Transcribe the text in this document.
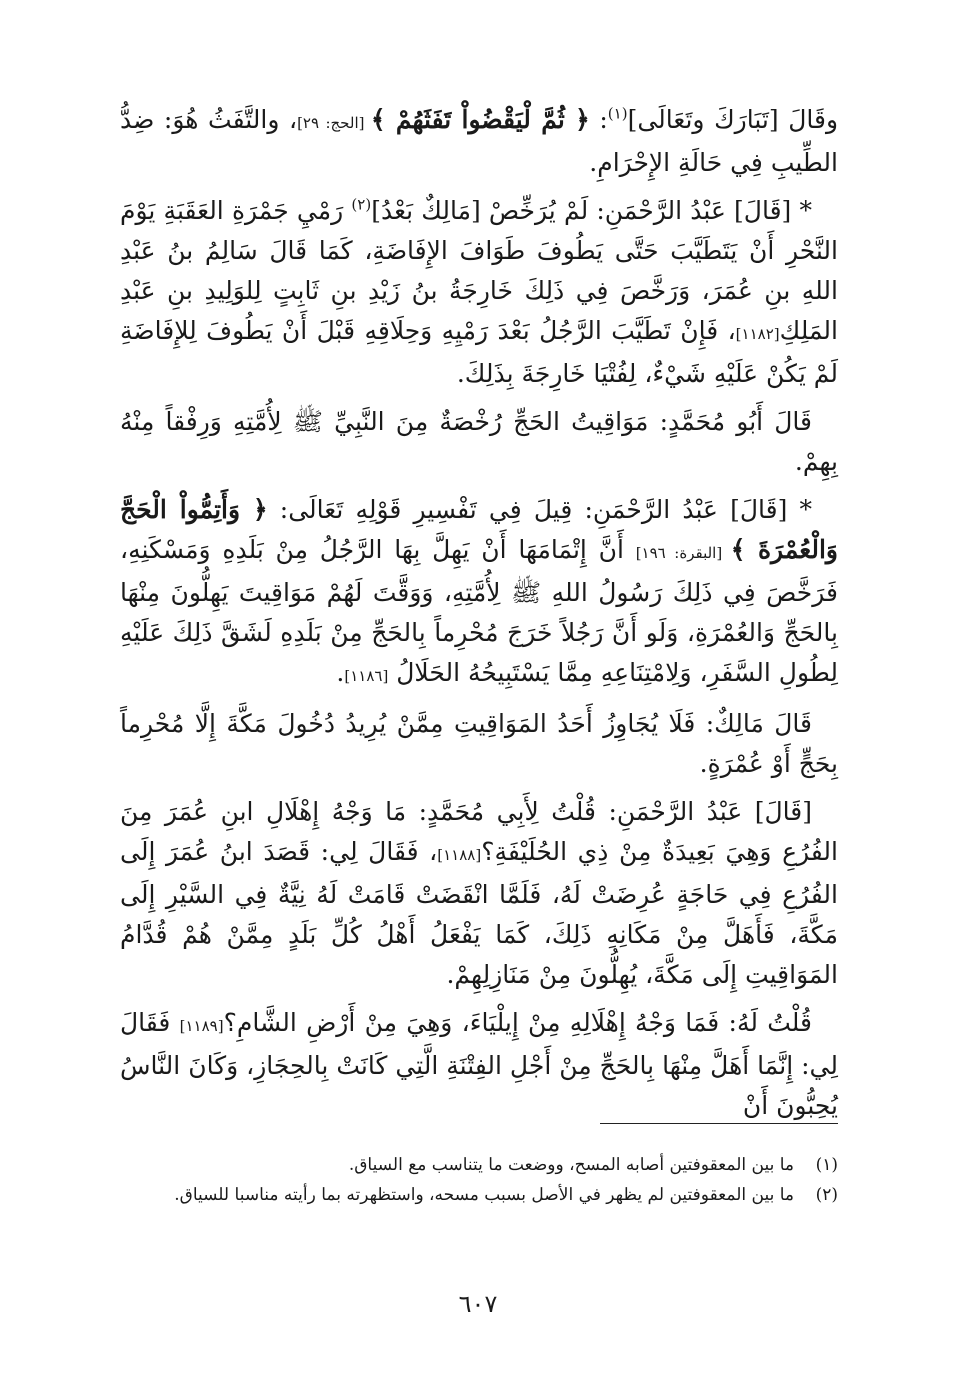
وقَالَ [تَبَارَكَ وتَعَالَى]$^{(١)}$: ﴿ ثُمَّ لْيَقْضُواْ تَفَثَهُمْ ﴾ [الحج: ٢٩]، والتَّفَثُ هُوَ: ضِدُّ الطِّيبِ فِي حَالَةِ الإِحْرَامِ.

* [قَالَ] عَبْدُ الرَّحْمَنِ: لَمْ يُرَخِّصْ [مَالِكٌ بَعْدُ]$^{(٢)}$ رَمْيِ جَمْرَةِ العَقَبَةِ يَوْمَ النَّحْرِ أَنْ يَتَطَيَّبَ حَتَّى يَطُوفَ طَوَافَ الإِفَاضَةِ، كَمَا قَالَ سَالِمُ بنُ عَبْدِ اللهِ بنِ عُمَرَ، وَرَخَّصَ فِي ذَلِكَ خَارِجَةُ بنُ زَيْدِ بنِ ثَابِتٍ لِلوَلِيدِ بنِ عَبْدِ المَلِكِ[١١٨٢]، فَإِنْ تَطَيَّبَ الرَّجُلُ بَعْدَ رَمْيِهِ وَحِلَاقِهِ قَبْلَ أَنْ يَطُوفَ لِلإِفَاضَةِ لَمْ يَكُنْ عَلَيْهِ شَيْءٌ، لِفُتْيَا خَارِجَةَ بِذَلِكَ.

قَالَ أَبُو مُحَمَّدٍ: مَوَاقِيتُ الحَجِّ رُخْصَةٌ مِنَ النَّبِيِّ ﷺ لِأُمَّتِهِ وَرِفْقاً مِنْهُ بِهِمْ.

* [قَالَ] عَبْدُ الرَّحْمَنِ: قِيلَ فِي تَفْسِيرِ قَوْلِهِ تَعَالَى: ﴿ وَأَتِمُّواْ الْحَجَّ وَالْعُمْرَةَ ﴾ [البقرة: ١٩٦] أَنَّ إِتْمَامَهَا أَنْ يَهِلَّ بِهَا الرَّجُلُ مِنْ بَلَدِهِ وَمَسْكَنِهِ، فَرَخَّصَ فِي ذَلِكَ رَسُولُ اللهِ ﷺ لِأُمَّتِهِ، وَوَقَّتَ لَهُمْ مَوَاقِيتَ يَهِلُّونَ مِنْهَا بِالحَجِّ وَالعُمْرَةِ، وَلَو أَنَّ رَجُلاً خَرَجَ مُحْرِماً بِالحَجِّ مِنْ بَلَدِهِ لَشَقَّ ذَلِكَ عَلَيْهِ لِطُولِ السَّفَرِ، وَلِامْتِنَاعِهِ مِمَّا يَسْتَبِيحُهُ الحَلَالُ [١١٨٦].

قَالَ مَالِكٌ: فَلَا يُجَاوِزُ أَحَدُ المَوَاقِيتِ مِمَّنْ يُرِيدُ دُخُولَ مَكَّةَ إِلَّا مُحْرِماً بِحَجٍّ أَوْ عُمْرَةٍ.

[قَالَ] عَبْدُ الرَّحْمَنِ: قُلْتُ لِأَبِي مُحَمَّدٍ: مَا وَجْهُ إِهْلَالِ ابنِ عُمَرَ مِنَ الفُرُعِ وَهِيَ بَعِيدَةٌ مِنْ ذِي الحُلَيْفَةِ؟[١١٨٨]، فَقَالَ لِي: قَصَدَ ابنُ عُمَرَ إِلَى الفُرُعِ فِي حَاجَةٍ عُرِضَتْ لَهُ، فَلَمَّا انْقَضَتْ قَامَتْ لَهُ نِيَّةٌ فِي السَّيْرِ إِلَى مَكَّةَ، فَأَهَلَّ مِنْ مَكَانِهِ ذَلِكَ، كَمَا يَفْعَلُ أَهْلُ كُلِّ بَلَدٍ مِمَّنْ هُمْ قُدَّامُ المَوَاقِيتِ إِلَى مَكَّةَ، يُهِلُّونَ مِنْ مَنَازِلِهِمْ.

قُلْتُ لَهُ: فَمَا وَجْهُ إِهْلَالِهِ مِنْ إِيلْيَاءَ، وَهِيَ مِنْ أَرْضِ الشَّامِ؟[١١٨٩] فَقَالَ لِي: إِنَّمَا أَهَلَّ مِنْهَا بِالحَجِّ مِنْ أَجْلِ الفِتْنَةِ الَّتِي كَانَتْ بِالحِجَازِ، وَكَانَ النَّاسُ يُحِبُّونَ أَنْ

(١)
ما بين المعقوفتين أصابه المسح، ووضعت ما يتناسب مع السياق.
(٢)
ما بين المعقوفتين لم يظهر في الأصل بسبب مسحه، واستظهرته بما رأيته مناسبا للسياق.
٦٠٧
